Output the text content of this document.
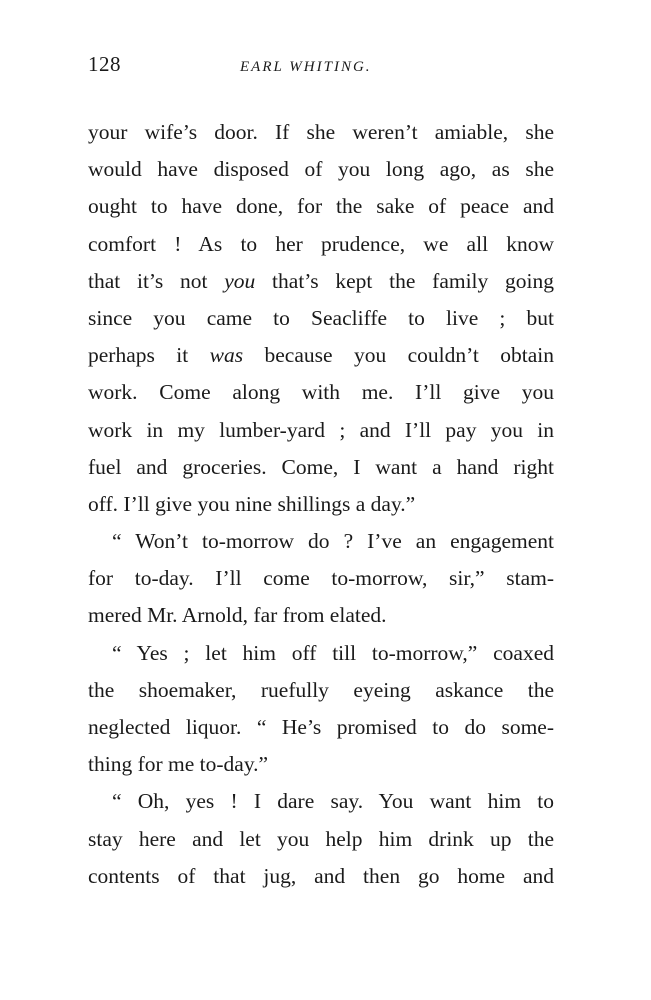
128	EARL WHITING.
your wife’s door. If she weren’t amiable, she
would have disposed of you long ago, as she
ought to have done, for the sake of peace and
comfort ! As to her prudence, we all know
that it’s not you that’s kept the family going
since you came to Seacliffe to live ; but
perhaps it was because you couldn’t obtain
work. Come along with me. I’ll give you
work in my lumber-yard ; and I’ll pay you in
fuel and groceries. Come, I want a hand right
off. I’ll give you nine shillings a day.”
“ Won’t to-morrow do ? I’ve an engagement
for to-day. I’ll come to-morrow, sir,” stam-
mered Mr. Arnold, far from elated.
“ Yes ; let him off till to-morrow,” coaxed
the shoemaker, ruefully eyeing askance the
neglected liquor. “ He’s promised to do some-
thing for me to-day.”
“ Oh, yes ! I dare say. You want him to
stay here and let you help him drink up the
contents of that jug, and then go home and
